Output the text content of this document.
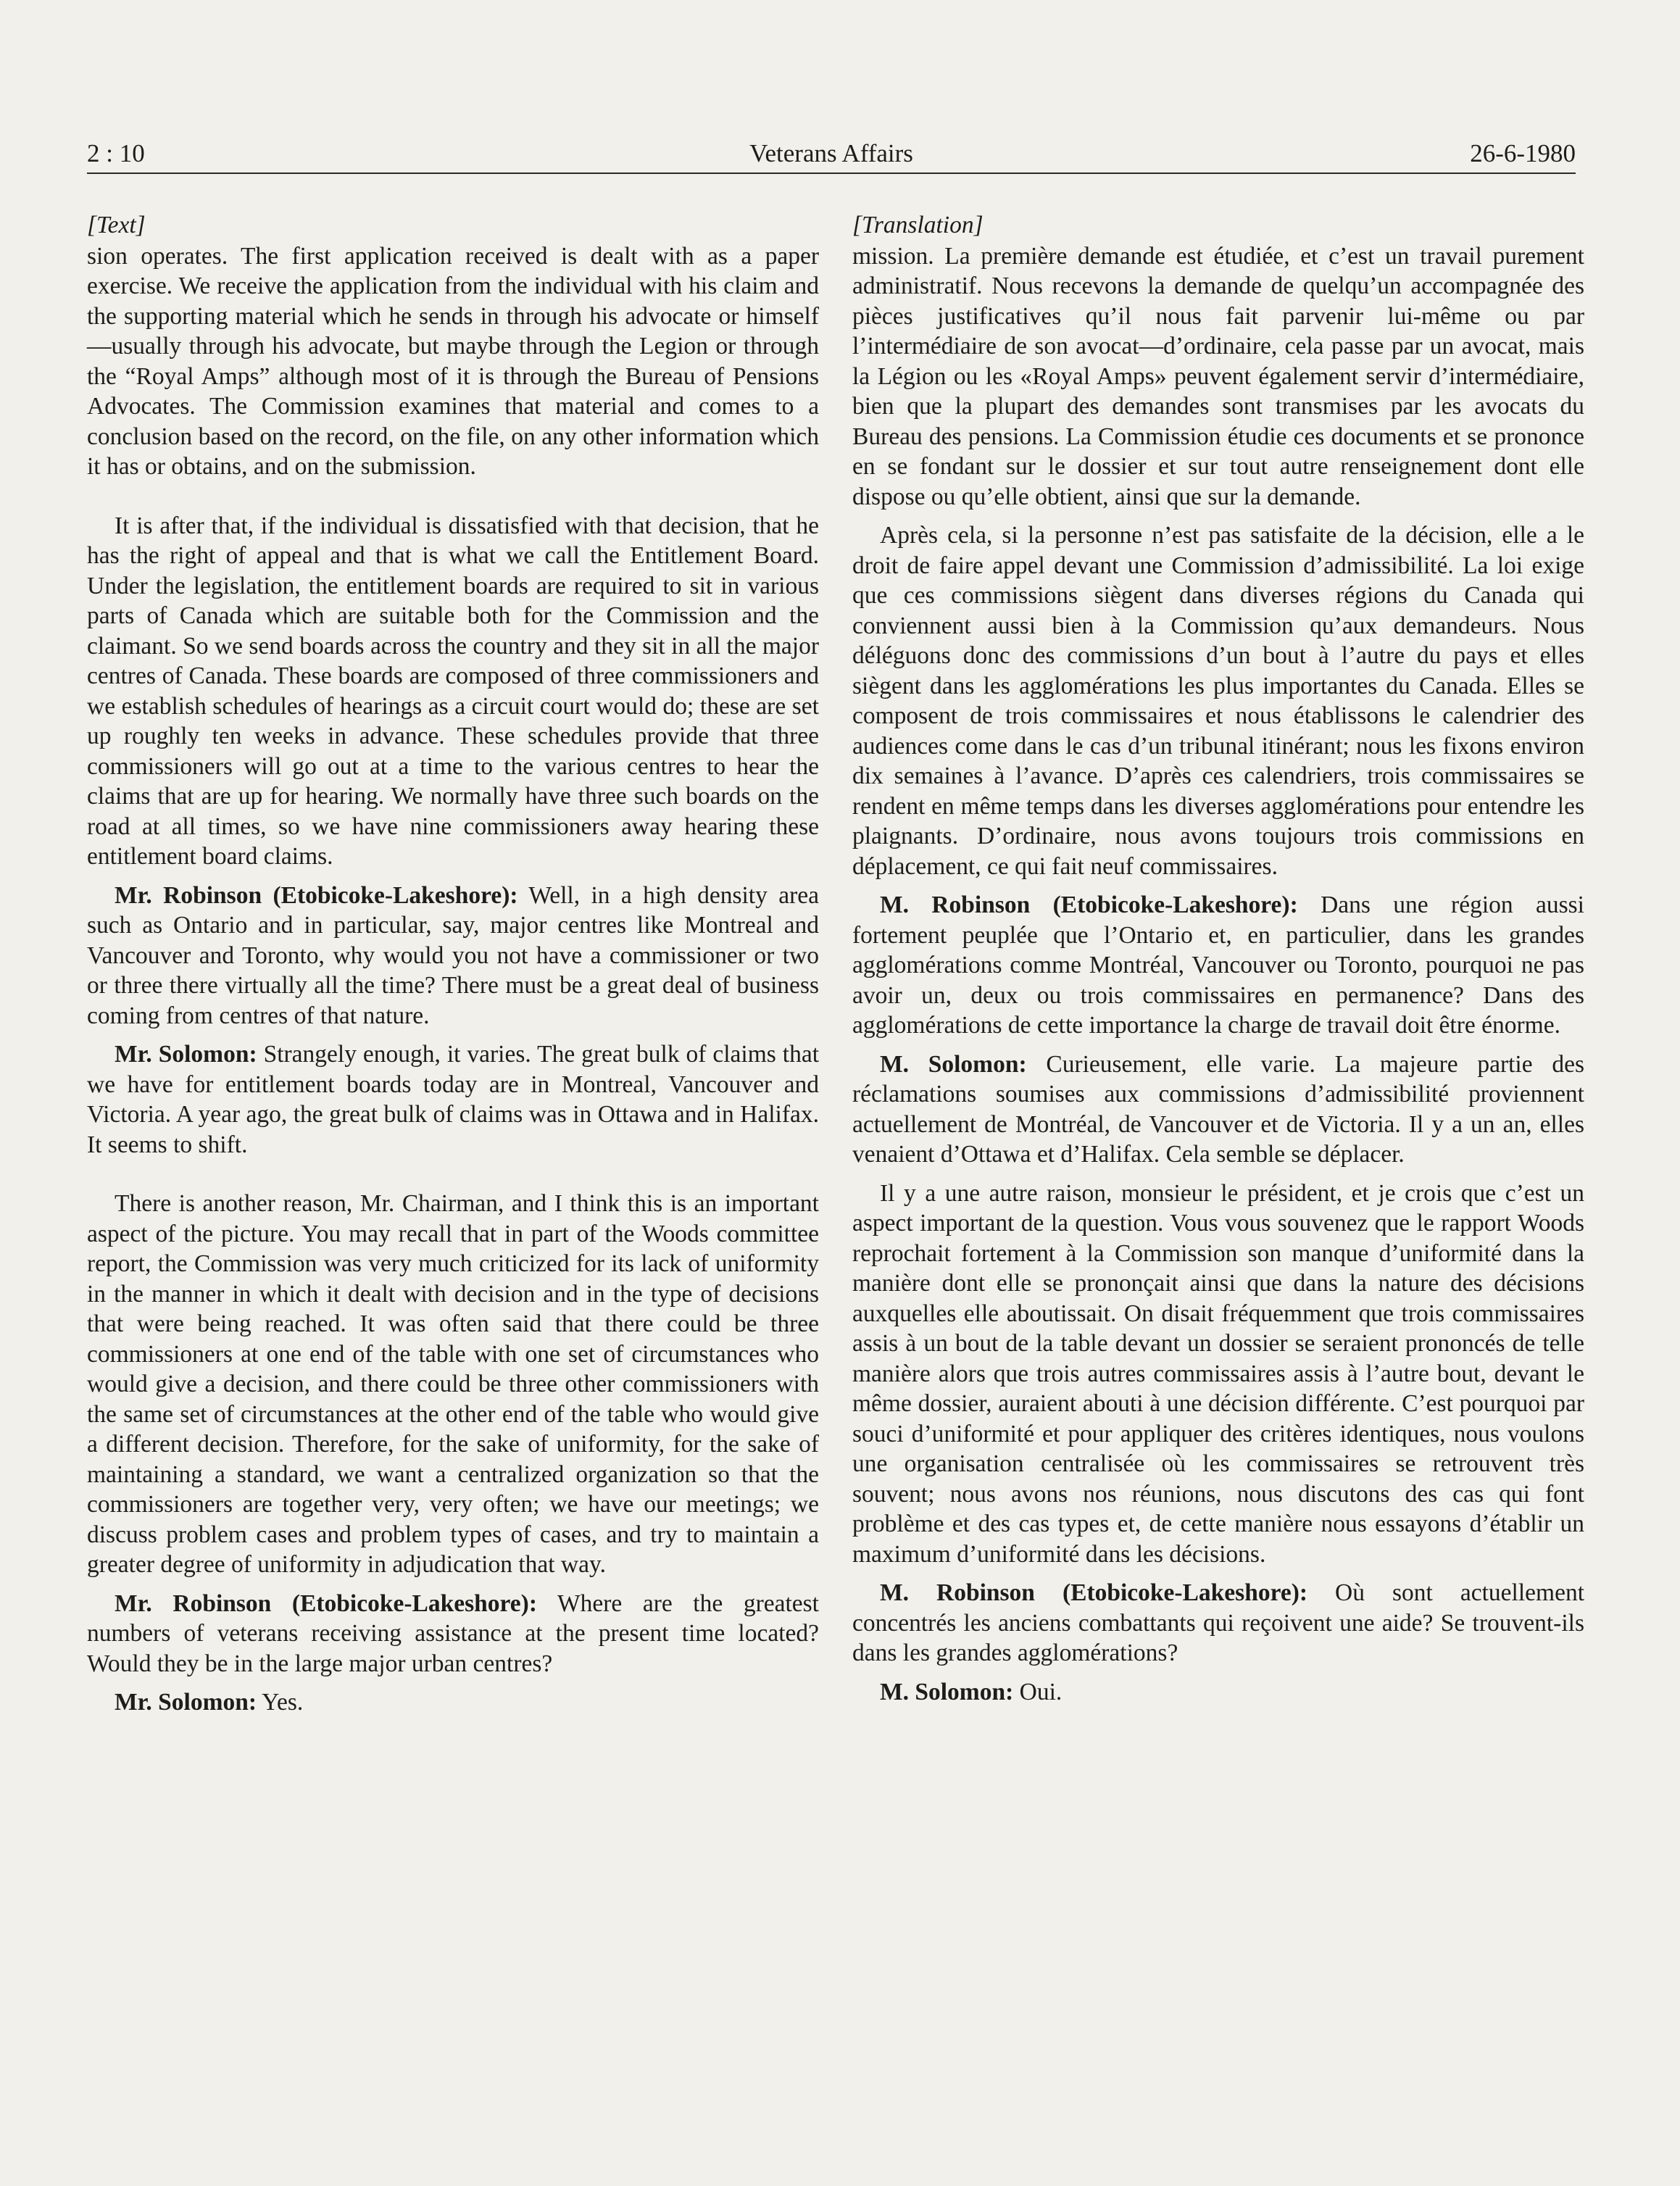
2 : 10	Veterans Affairs	26-6-1980
[Text]

sion operates. The first application received is dealt with as a paper exercise. We receive the application from the individual with his claim and the supporting material which he sends in through his advocate or himself—usually through his advocate, but maybe through the Legion or through the “Royal Amps” although most of it is through the Bureau of Pensions Advocates. The Commission examines that material and comes to a conclusion based on the record, on the file, on any other information which it has or obtains, and on the submission.

It is after that, if the individual is dissatisfied with that decision, that he has the right of appeal and that is what we call the Entitlement Board. Under the legislation, the entitlement boards are required to sit in various parts of Canada which are suitable both for the Commission and the claimant. So we send boards across the country and they sit in all the major centres of Canada. These boards are composed of three commissioners and we establish schedules of hearings as a circuit court would do; these are set up roughly ten weeks in advance. These schedules provide that three commissioners will go out at a time to the various centres to hear the claims that are up for hearing. We normally have three such boards on the road at all times, so we have nine commissioners away hearing these entitlement board claims.

Mr. Robinson (Etobicoke-Lakeshore): Well, in a high density area such as Ontario and in particular, say, major centres like Montreal and Vancouver and Toronto, why would you not have a commissioner or two or three there virtually all the time? There must be a great deal of business coming from centres of that nature.

Mr. Solomon: Strangely enough, it varies. The great bulk of claims that we have for entitlement boards today are in Montreal, Vancouver and Victoria. A year ago, the great bulk of claims was in Ottawa and in Halifax. It seems to shift.

There is another reason, Mr. Chairman, and I think this is an important aspect of the picture. You may recall that in part of the Woods committee report, the Commission was very much criticized for its lack of uniformity in the manner in which it dealt with decision and in the type of decisions that were being reached. It was often said that there could be three commissioners at one end of the table with one set of circumstances who would give a decision, and there could be three other commissioners with the same set of circumstances at the other end of the table who would give a different decision. Therefore, for the sake of uniformity, for the sake of maintaining a standard, we want a centralized organization so that the commissioners are together very, very often; we have our meetings; we discuss problem cases and problem types of cases, and try to maintain a greater degree of uniformity in adjudication that way.

Mr. Robinson (Etobicoke-Lakeshore): Where are the greatest numbers of veterans receiving assistance at the present time located? Would they be in the large major urban centres?

Mr. Solomon: Yes.

[Translation]

mission. La première demande est étudiée, et c’est un travail purement administratif. Nous recevons la demande de quelqu’un accompagnée des pièces justificatives qu’il nous fait parvenir lui-même ou par l’intermédiaire de son avocat—d’ordinaire, cela passe par un avocat, mais la Légion ou les «Royal Amps» peuvent également servir d’intermédiaire, bien que la plupart des demandes sont transmises par les avocats du Bureau des pensions. La Commission étudie ces documents et se prononce en se fondant sur le dossier et sur tout autre renseignement dont elle dispose ou qu’elle obtient, ainsi que sur la demande.

Après cela, si la personne n’est pas satisfaite de la décision, elle a le droit de faire appel devant une Commission d’admissibilité. La loi exige que ces commissions siègent dans diverses régions du Canada qui conviennent aussi bien à la Commission qu’aux demandeurs. Nous déléguons donc des commissions d’un bout à l’autre du pays et elles siègent dans les agglomérations les plus importantes du Canada. Elles se composent de trois commissaires et nous établissons le calendrier des audiences come dans le cas d’un tribunal itinérant; nous les fixons environ dix semaines à l’avance. D’après ces calendriers, trois commissaires se rendent en même temps dans les diverses agglomérations pour entendre les plaignants. D’ordinaire, nous avons toujours trois commissions en déplacement, ce qui fait neuf commissaires.

M. Robinson (Etobicoke-Lakeshore): Dans une région aussi fortement peuplée que l’Ontario et, en particulier, dans les grandes agglomérations comme Montréal, Vancouver ou Toronto, pourquoi ne pas avoir un, deux ou trois commissaires en permanence? Dans des agglomérations de cette importance la charge de travail doit être énorme.

M. Solomon: Curieusement, elle varie. La majeure partie des réclamations soumises aux commissions d’admissibilité proviennent actuellement de Montréal, de Vancouver et de Victoria. Il y a un an, elles venaient d’Ottawa et d’Halifax. Cela semble se déplacer.

Il y a une autre raison, monsieur le président, et je crois que c’est un aspect important de la question. Vous vous souvenez que le rapport Woods reprochait fortement à la Commission son manque d’uniformité dans la manière dont elle se prononçait ainsi que dans la nature des décisions auxquelles elle aboutissait. On disait fréquemment que trois commissaires assis à un bout de la table devant un dossier se seraient prononcés de telle manière alors que trois autres commissaires assis à l’autre bout, devant le même dossier, auraient abouti à une décision différente. C’est pourquoi par souci d’uniformité et pour appliquer des critères identiques, nous voulons une organisation centralisée où les commissaires se retrouvent très souvent; nous avons nos réunions, nous discutons des cas qui font problème et des cas types et, de cette manière nous essayons d’établir un maximum d’uniformité dans les décisions.

M. Robinson (Etobicoke-Lakeshore): Où sont actuellement concentrés les anciens combattants qui reçoivent une aide? Se trouvent-ils dans les grandes agglomérations?

M. Solomon: Oui.
